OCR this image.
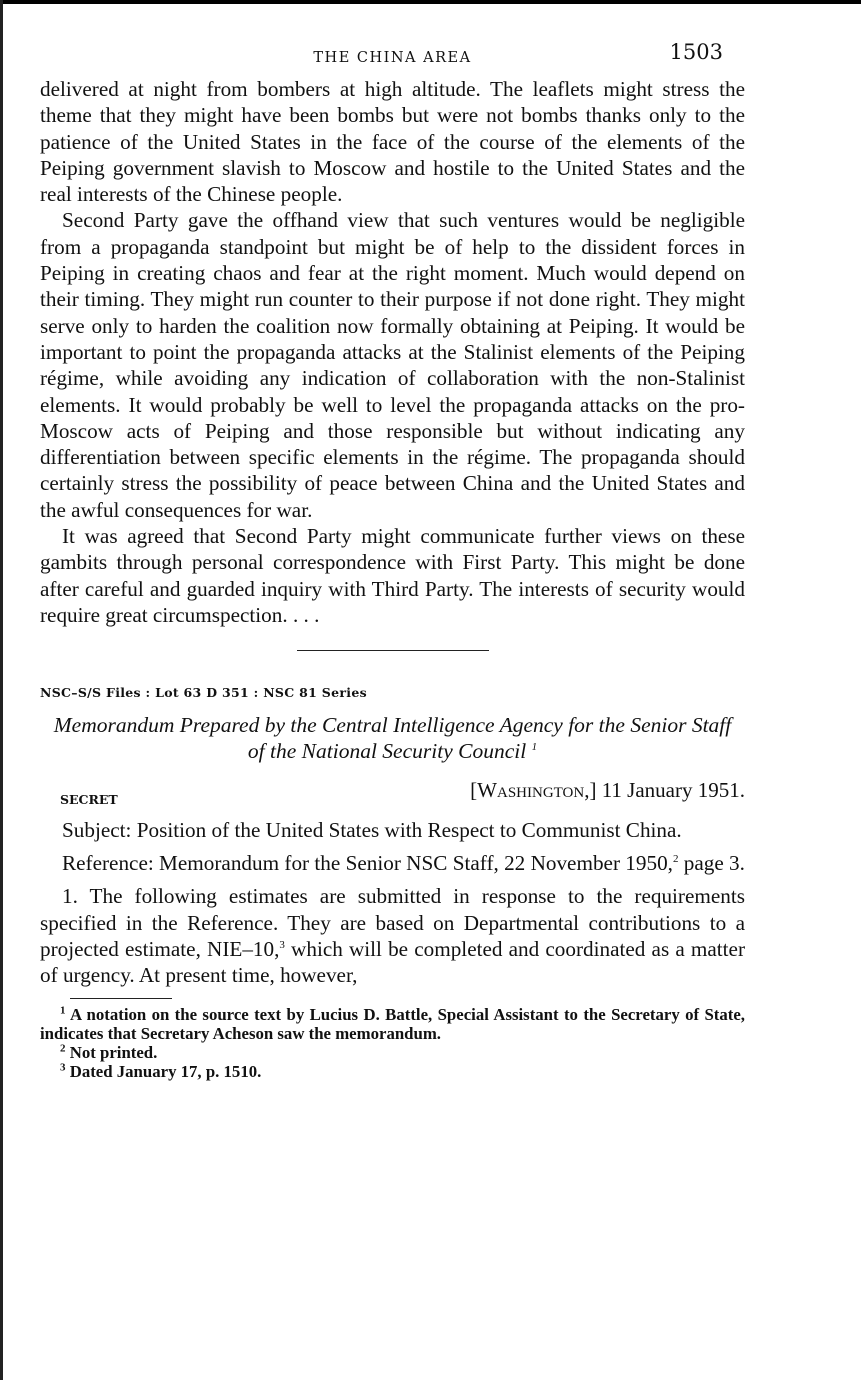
THE CHINA AREA	1503

delivered at night from bombers at high altitude. The leaflets might stress the theme that they might have been bombs but were not bombs thanks only to the patience of the United States in the face of the course of the elements of the Peiping government slavish to Moscow and hostile to the United States and the real interests of the Chinese people.

Second Party gave the offhand view that such ventures would be negligible from a propaganda standpoint but might be of help to the dissident forces in Peiping in creating chaos and fear at the right moment. Much would depend on their timing. They might run counter to their purpose if not done right. They might serve only to harden the coalition now formally obtaining at Peiping. It would be important to point the propaganda attacks at the Stalinist elements of the Peiping régime, while avoiding any indication of collaboration with the non-Stalinist elements. It would probably be well to level the propaganda attacks on the pro-Moscow acts of Peiping and those responsible but without indicating any differentiation between specific elements in the régime. The propaganda should certainly stress the possibility of peace between China and the United States and the awful consequences for war.

It was agreed that Second Party might communicate further views on these gambits through personal correspondence with First Party. This might be done after careful and guarded inquiry with Third Party. The interests of security would require great circumspection. . . .

NSC–S/S Files : Lot 63 D 351 : NSC 81 Series
Memorandum Prepared by the Central Intelligence Agency for the Senior Staff of the National Security Council $^1$
SECRET	[Washington,] 11 January 1951.
Subject: Position of the United States with Respect to Communist China.
Reference: Memorandum for the Senior NSC Staff, 22 November 1950,$^2$ page 3.

1. The following estimates are submitted in response to the requirements specified in the Reference. They are based on Departmental contributions to a projected estimate, NIE–10,$^3$ which will be completed and coordinated as a matter of urgency. At present time, however,

$^1$ A notation on the source text by Lucius D. Battle, Special Assistant to the Secretary of State, indicates that Secretary Acheson saw the memorandum.

$^2$ Not printed.

$^3$ Dated January 17, p. 1510.
